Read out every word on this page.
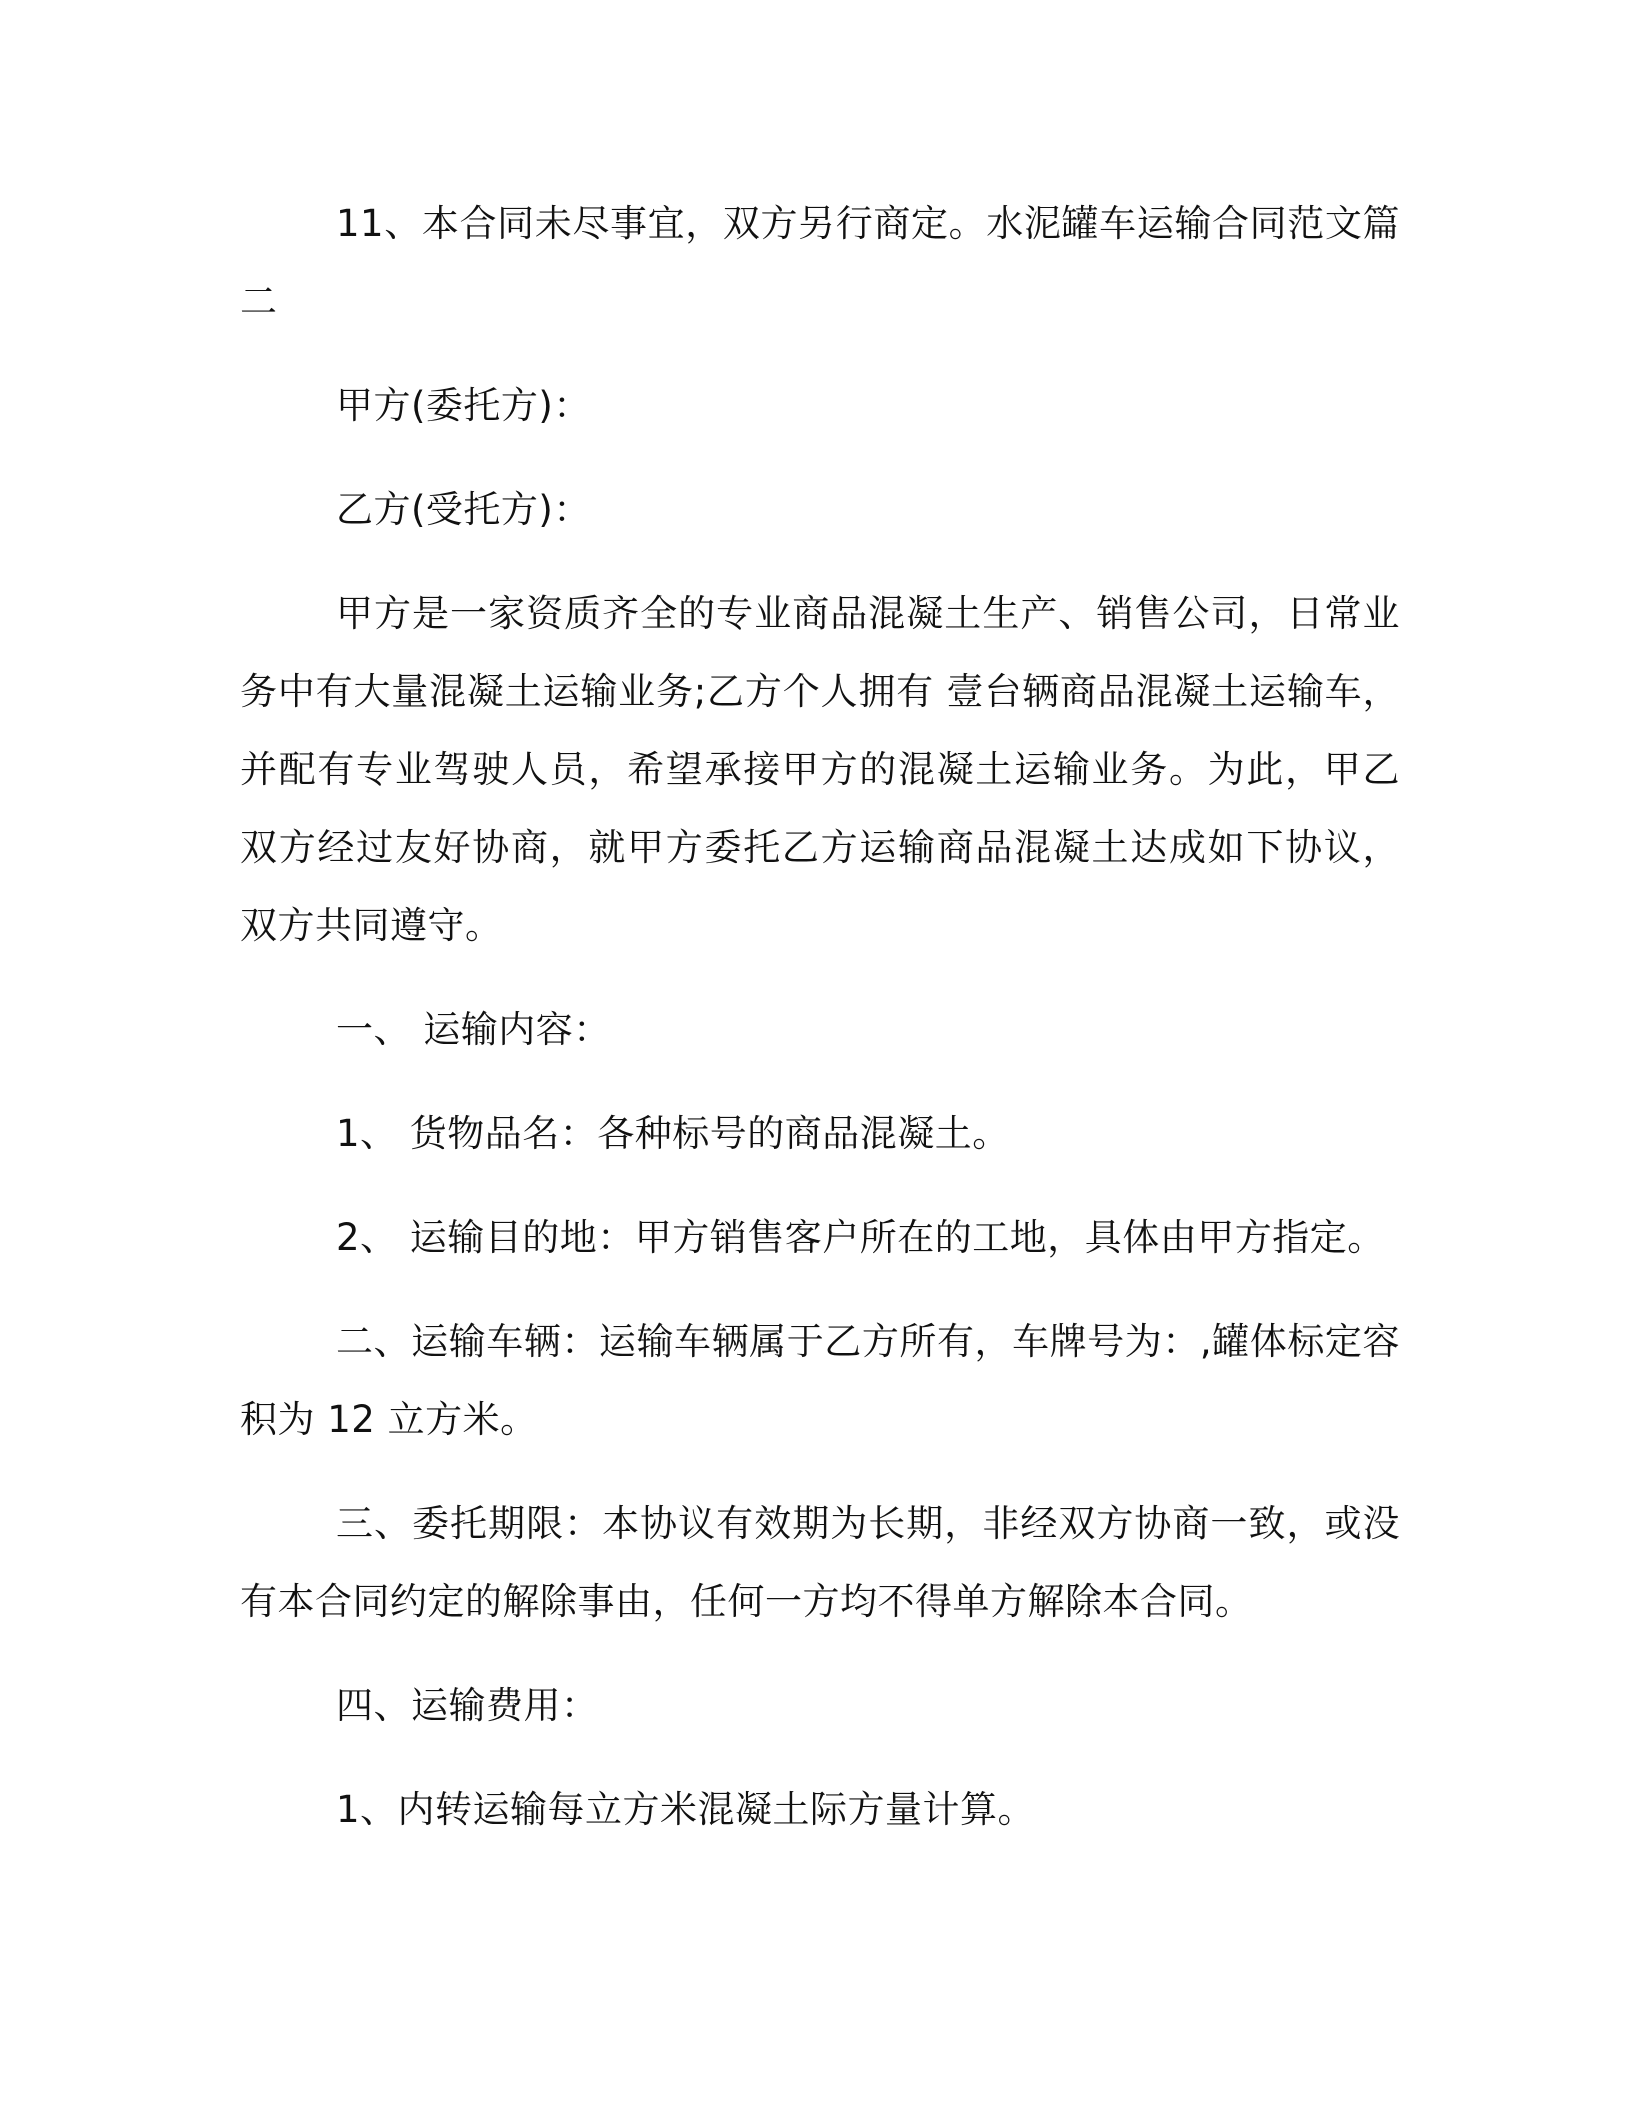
11、本合同未尽事宜，双方另行商定。水泥罐车运输合同范文篇二

甲方(委托方)：

乙方(受托方)：

甲方是一家资质齐全的专业商品混凝土生产、销售公司，日常业务中有大量混凝土运输业务;乙方个人拥有 壹台辆商品混凝土运输车，并配有专业驾驶人员，希望承接甲方的混凝土运输业务。为此，甲乙双方经过友好协商，就甲方委托乙方运输商品混凝土达成如下协议，双方共同遵守。

一、 运输内容：

1、 货物品名：各种标号的商品混凝土。

2、 运输目的地：甲方销售客户所在的工地，具体由甲方指定。

二、运输车辆：运输车辆属于乙方所有，车牌号为：,罐体标定容积为 12 立方米。

三、委托期限：本协议有效期为长期，非经双方协商一致，或没有本合同约定的解除事由，任何一方均不得单方解除本合同。

四、运输费用：

1、内转运输每立方米混凝土际方量计算。
